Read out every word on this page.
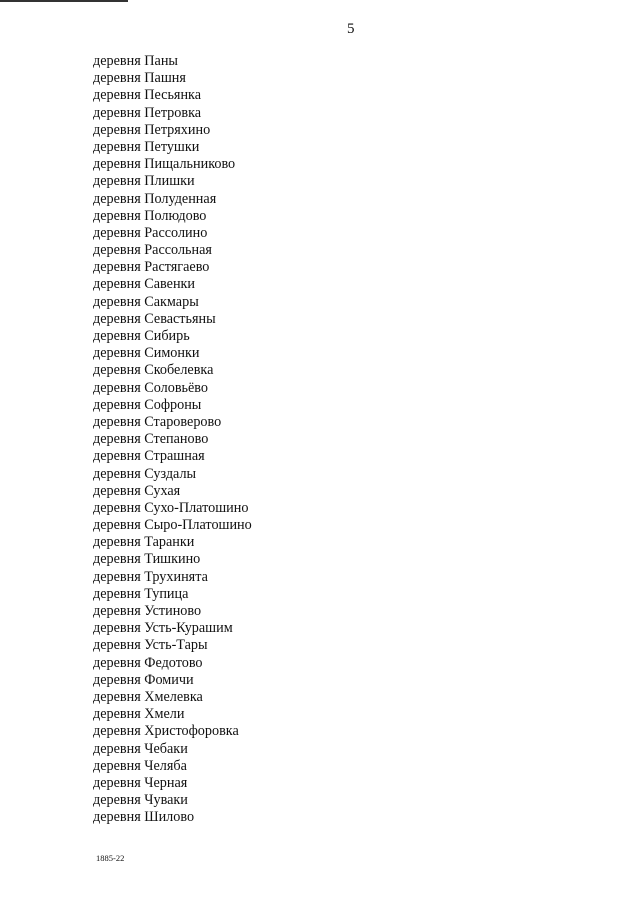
5
деревня Паны
деревня Пашня
деревня Песьянка
деревня Петровка
деревня Петряхино
деревня Петушки
деревня Пищальниково
деревня Плишки
деревня Полуденная
деревня Полюдово
деревня Рассолино
деревня Рассольная
деревня Растягаево
деревня Савенки
деревня Сакмары
деревня Севастьяны
деревня Сибирь
деревня Симонки
деревня Скобелевка
деревня Соловьёво
деревня Софроны
деревня Староверово
деревня Степаново
деревня Страшная
деревня Суздалы
деревня Сухая
деревня Сухо-Платошино
деревня Сыро-Платошино
деревня Таранки
деревня Тишкино
деревня Трухинята
деревня Тупица
деревня Устиново
деревня Усть-Курашим
деревня Усть-Тары
деревня Федотово
деревня Фомичи
деревня Хмелевка
деревня Хмели
деревня Христофоровка
деревня Чебаки
деревня Челяба
деревня Черная
деревня Чуваки
деревня Шилово
1885-22
